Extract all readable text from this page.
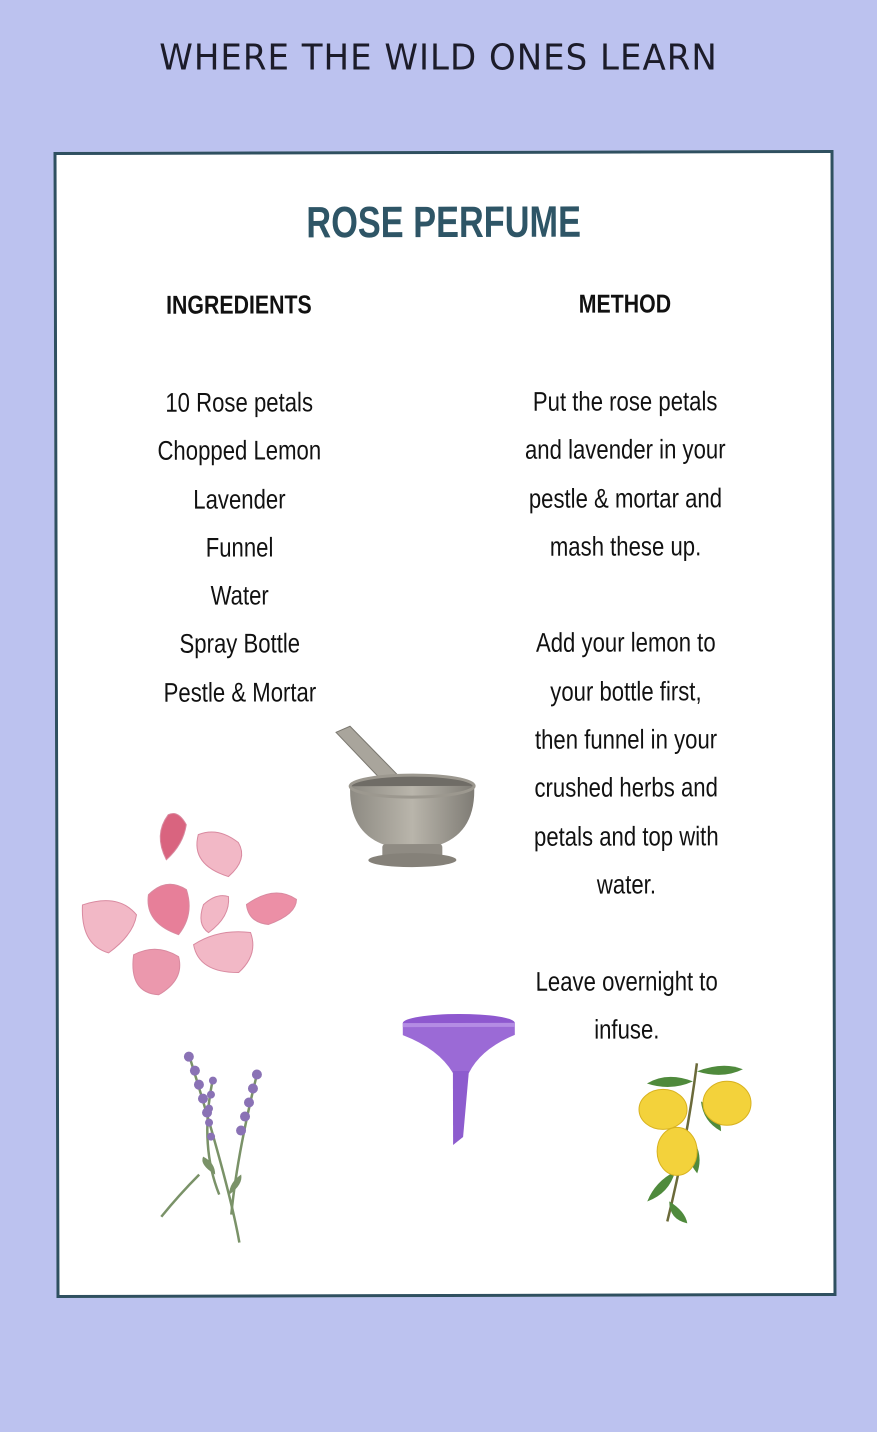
WHERE THE WILD ONES LEARN
ROSE PERFUME
INGREDIENTS	METHOD
10 Rose petals
Chopped Lemon
Lavender
Funnel
Water
Spray Bottle
Pestle & Mortar
Put the rose petals
and lavender in your
pestle & mortar and
mash these up.
Add your lemon to
your bottle first,
then funnel in your
crushed herbs and
petals and top with
water.
Leave overnight to
infuse.
